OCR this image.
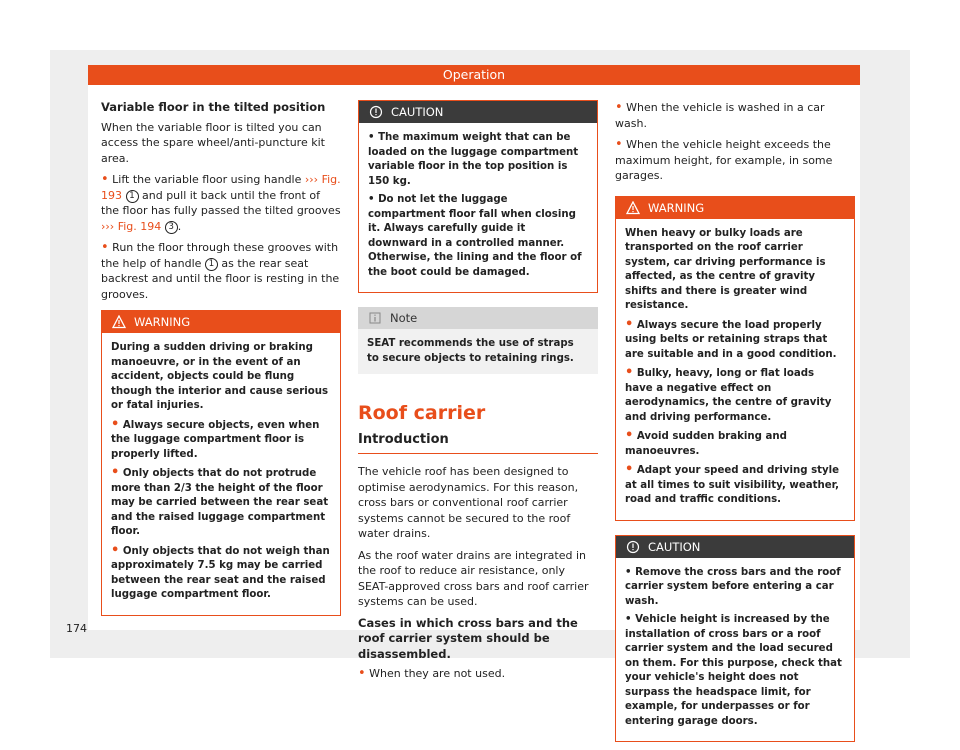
Operation
Variable floor in the tilted position

When the variable floor is tilted you can access the spare wheel/anti-puncture kit area.

• Lift the variable floor using handle ››› Fig. 193 1 and pull it back until the front of the floor has fully passed the tilted grooves ››› Fig. 194 3 .

• Run the floor through these grooves with the help of handle 1 as the rear seat backrest and until the floor is resting in the grooves.

WARNING

During a sudden driving or braking manoeuvre, or in the event of an accident, objects could be flung though the interior and cause serious or fatal injuries.

• Always secure objects, even when the luggage compartment floor is properly lifted.

• Only objects that do not protrude more than 2/3 the height of the floor may be carried between the rear seat and the raised luggage compartment floor.

• Only objects that do not weigh than approximately 7.5 kg may be carried between the rear seat and the raised luggage compartment floor.

CAUTION

• The maximum weight that can be loaded on the luggage compartment variable floor in the top position is 150 kg.

• Do not let the luggage compartment floor fall when closing it. Always carefully guide it downward in a controlled manner. Otherwise, the lining and the floor of the boot could be damaged.

Note
SEAT recommends the use of straps to secure objects to retaining rings.
Roof carrier
Introduction

The vehicle roof has been designed to optimise aerodynamics. For this reason, cross bars or conventional roof carrier systems cannot be secured to the roof water drains.

As the roof water drains are integrated in the roof to reduce air resistance, only SEAT-approved cross bars and roof carrier systems can be used.

Cases in which cross bars and the roof carrier system should be disassembled.

• When they are not used.

• When the vehicle is washed in a car wash.

• When the vehicle height exceeds the maximum height, for example, in some garages.

WARNING

When heavy or bulky loads are transported on the roof carrier system, car driving performance is affected, as the centre of gravity shifts and there is greater wind resistance.

• Always secure the load properly using belts or retaining straps that are suitable and in a good condition.

• Bulky, heavy, long or flat loads have a negative effect on aerodynamics, the centre of gravity and driving performance.

• Avoid sudden braking and manoeuvres.

• Adapt your speed and driving style at all times to suit visibility, weather, road and traffic conditions.

CAUTION

• Remove the cross bars and the roof carrier system before entering a car wash.

• Vehicle height is increased by the installation of cross bars or a roof carrier system and the load secured on them. For this purpose, check that your vehicle's height does not surpass the headspace limit, for example, for underpasses or for entering garage doors.

174
